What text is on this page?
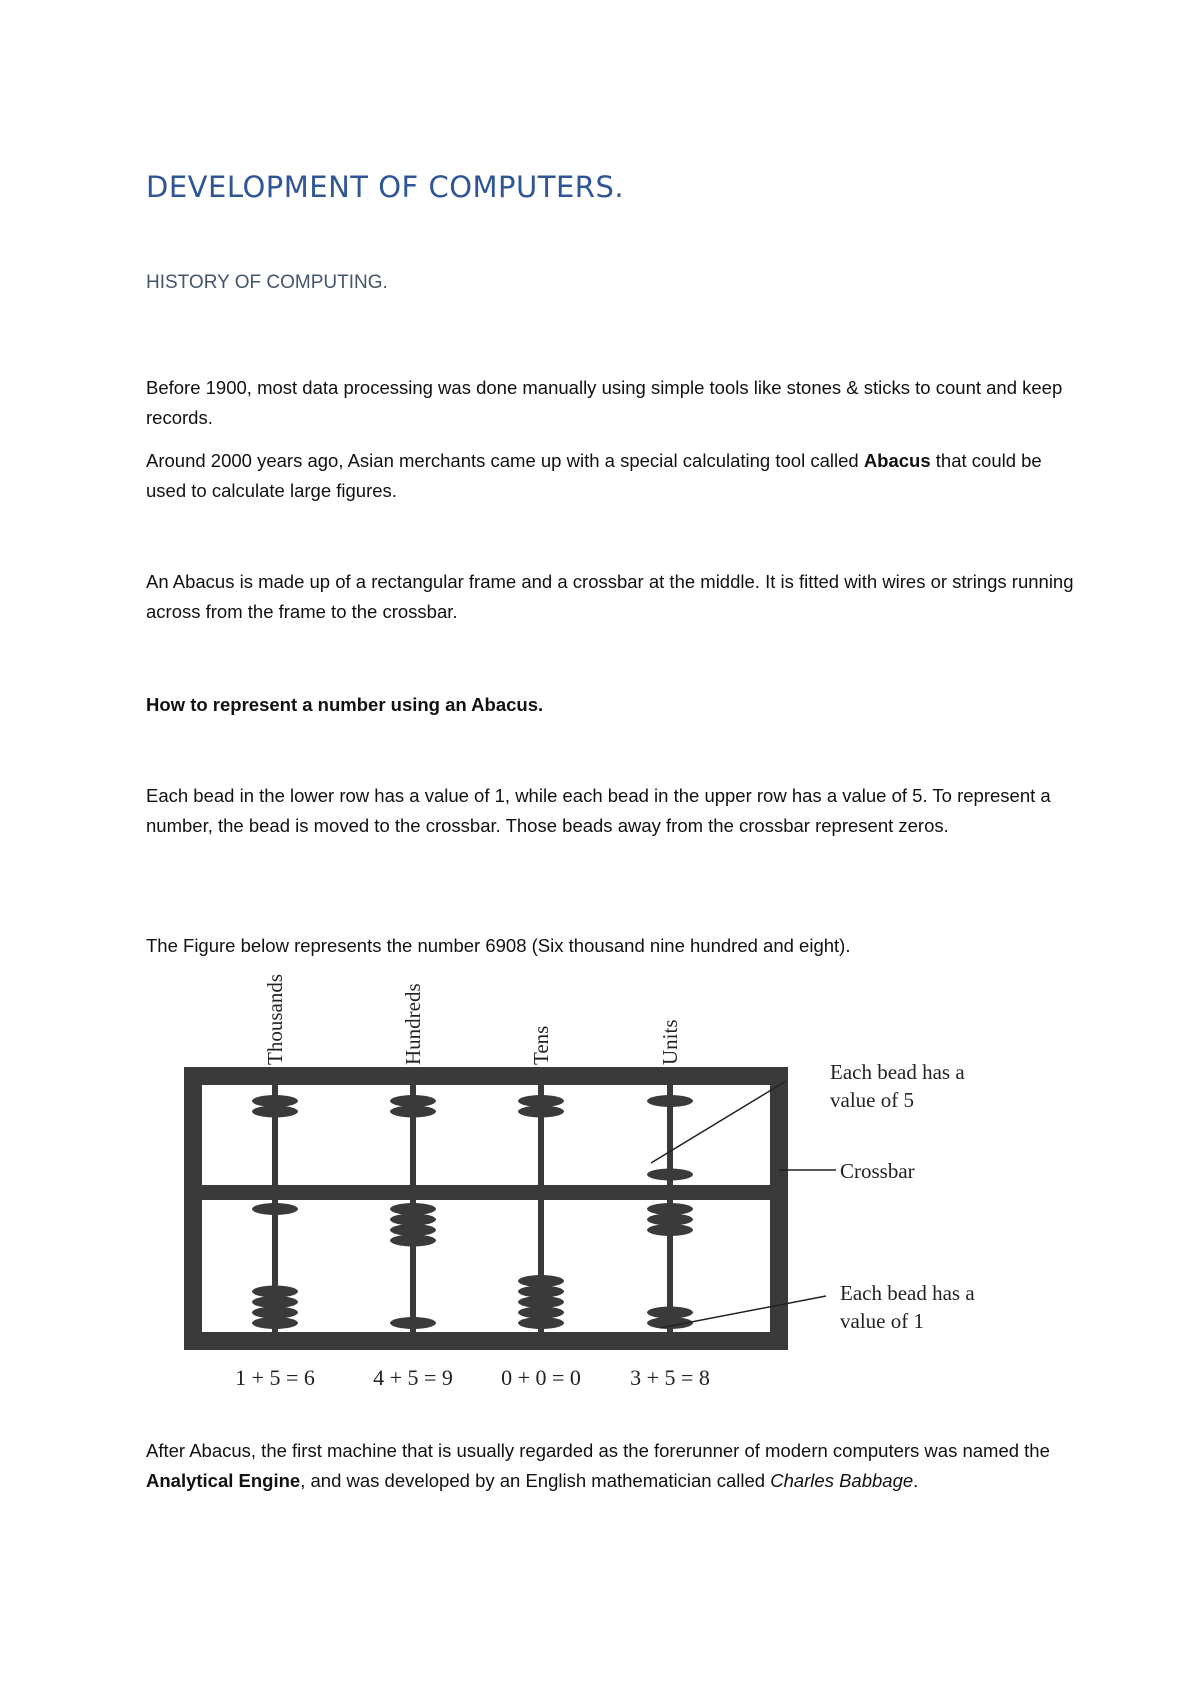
DEVELOPMENT OF COMPUTERS.
HISTORY OF COMPUTING.

Before 1900, most data processing was done manually using simple tools like stones & sticks to count and keep records.

Around 2000 years ago, Asian merchants came up with a special calculating tool called Abacus that could be used to calculate large figures.

An Abacus is made up of a rectangular frame and a crossbar at the middle. It is fitted with wires or strings running across from the frame to the crossbar.

How to represent a number using an Abacus.

Each bead in the lower row has a value of 1, while each bead in the upper row has a value of 5. To represent a number, the bead is moved to the crossbar. Those beads away from the crossbar represent zeros.

The Figure below represents the number 6908 (Six thousand nine hundred and eight).

Thousands
1 + 5 = 6
Hundreds
4 + 5 = 9
Tens
0 + 0 = 0
Units
3 + 5 = 8
Each bead has a
value of 5
Crossbar
Each bead has a
value of 1

After Abacus, the first machine that is usually regarded as the forerunner of modern computers was named the Analytical Engine, and was developed by an English mathematician called Charles Babbage.
